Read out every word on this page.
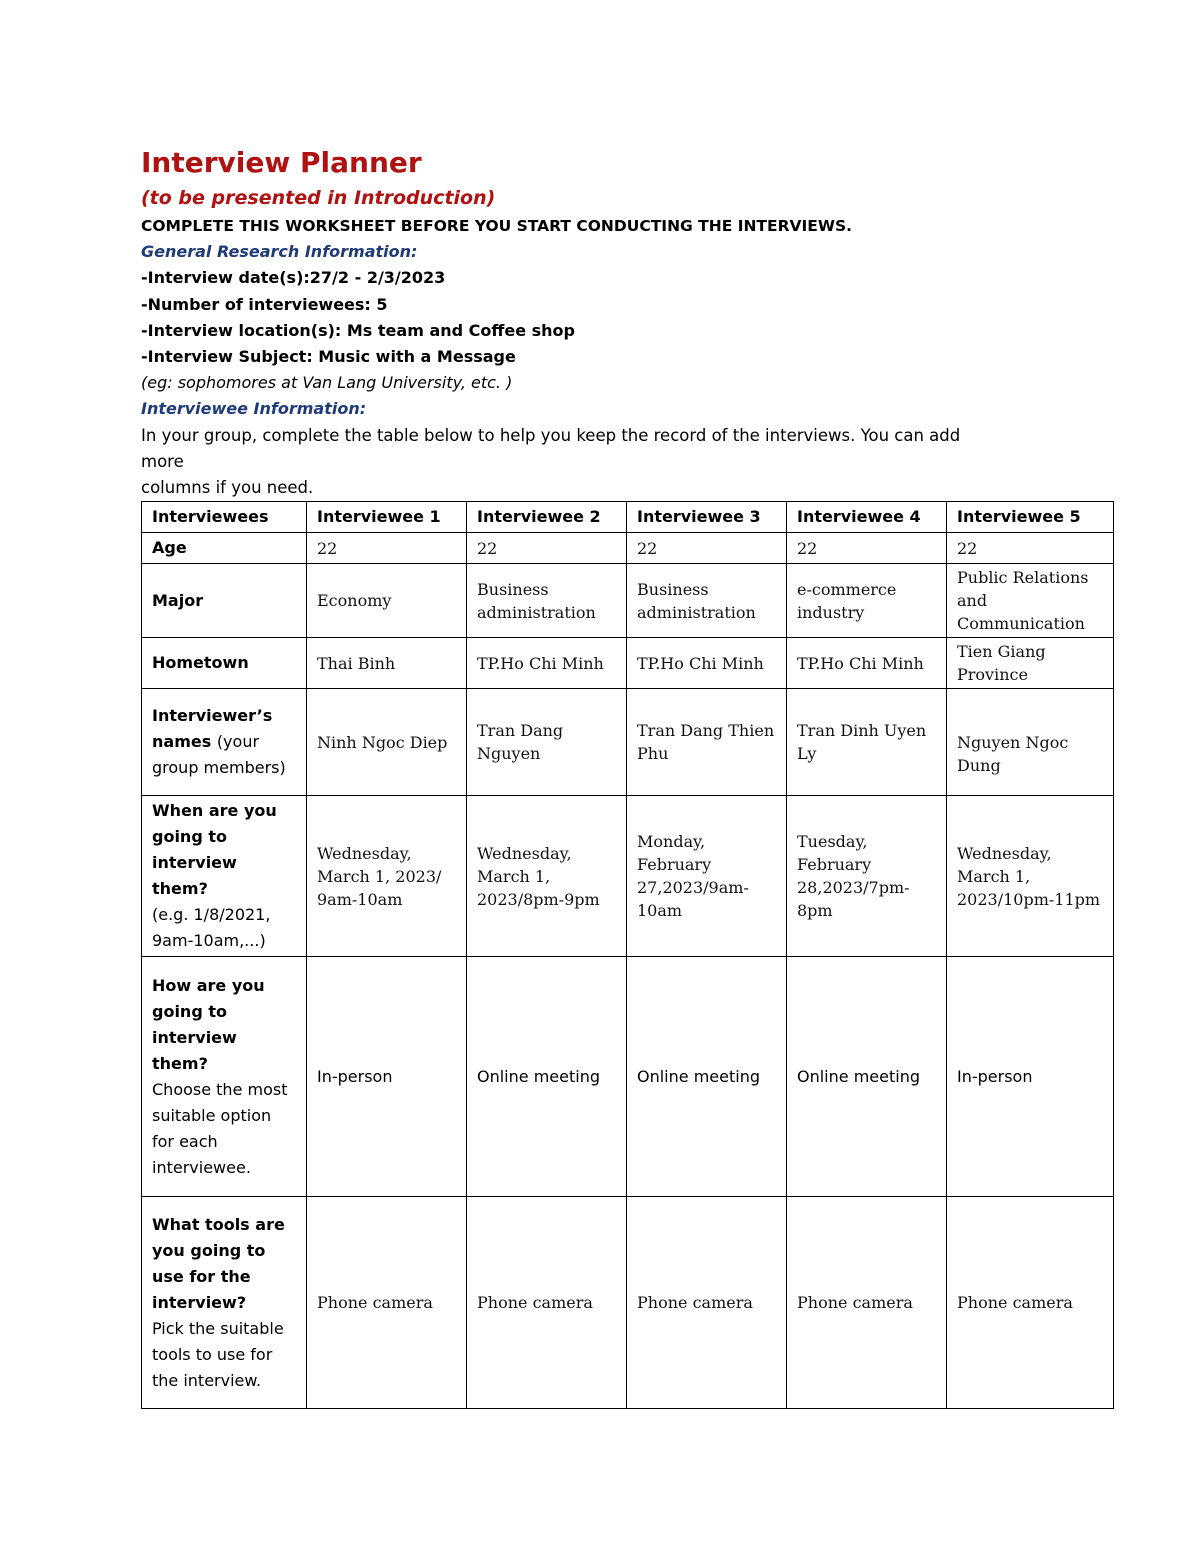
Interview Planner

(to be presented in Introduction)

COMPLETE THIS WORKSHEET BEFORE YOU START CONDUCTING THE INTERVIEWS.

General Research Information:

-Interview date(s):27/2 - 2/3/2023

-Number of interviewees: 5

-Interview location(s): Ms team and Coffee shop

-Interview Subject: Music with a Message

(eg: sophomores at Van Lang University, etc. )

Interviewee Information:

In your group, complete the table below to help you keep the record of the interviews. You can add

more

columns if you need.

Interviewees	Interviewee 1	Interviewee 2	Interviewee 3	Interviewee 4	Interviewee 5
Age	22	22	22	22	22
Major	Economy	Business administration	Business administration	e-commerce industry	Public Relations and Communication
Hometown	Thai Binh	TP.Ho Chi Minh	TP.Ho Chi Minh	TP.Ho Chi Minh	Tien Giang Province
Interviewer’s names (your group members)	Ninh Ngoc Diep	Tran Dang Nguyen	Tran Dang Thien Phu	Tran Dinh Uyen Ly	Nguyen Ngoc Dung

When are you going to interview them?
(e.g. 1/8/2021, 9am-10am,...)	Wednesday, March 1, 2023/ 9am-10am	Wednesday, March 1, 2023/8pm-9pm	Monday, February 27,2023/9am-10am	Tuesday, February 28,2023/7pm-8pm	Wednesday, March 1, 2023/10pm-11pm

How are you going to interview them?
Choose the most suitable option for each interviewee.	In-person	Online meeting	Online meeting	Online meeting	In-person

What tools are you going to use for the interview?
Pick the suitable tools to use for the interview.	Phone camera	Phone camera	Phone camera	Phone camera	Phone camera
